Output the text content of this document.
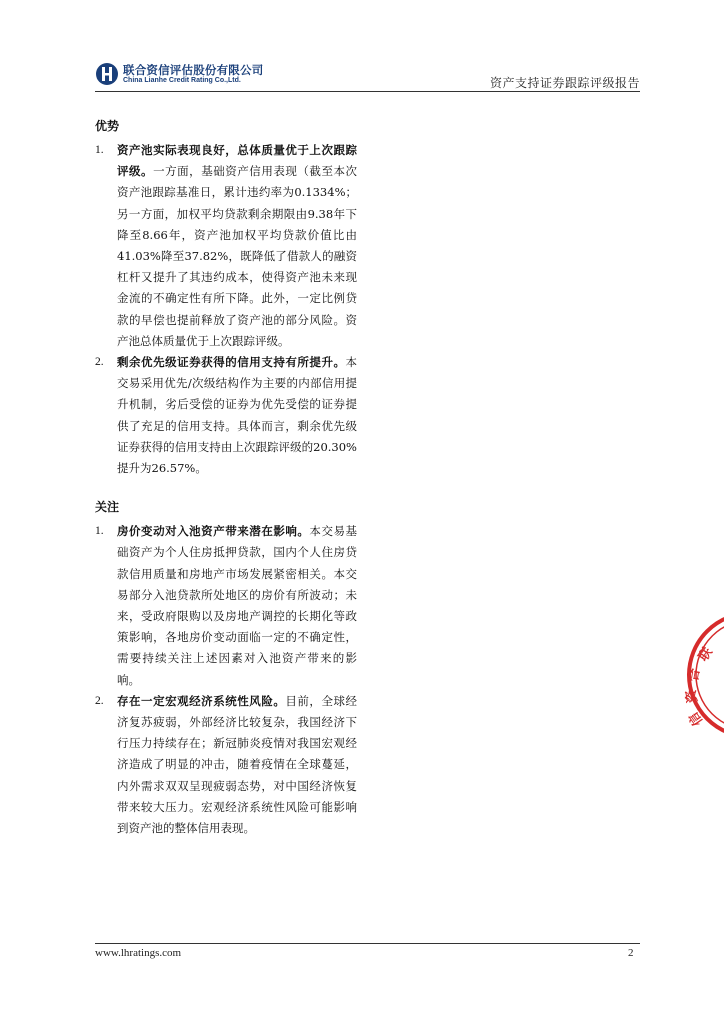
联合资信评估股份有限公司
China Lianhe Credit Rating Co.,Ltd.	资产支持证券跟踪评级报告
优势
1.	资产池实际表现良好，总体质量优于上次跟踪评级。一方面，基础资产信用表现（截至本次资产池跟踪基准日，累计违约率为0.1334%；另一方面，加权平均贷款剩余期限由9.38年下降至8.66年，资产池加权平均贷款价值比由41.03%降至37.82%，既降低了借款人的融资杠杆又提升了其违约成本，使得资产池未来现金流的不确定性有所下降。此外，一定比例贷款的早偿也提前释放了资产池的部分风险。资产池总体质量优于上次跟踪评级。
2.	剩余优先级证券获得的信用支持有所提升。本交易采用优先/次级结构作为主要的内部信用提升机制，劣后受偿的证券为优先受偿的证券提供了充足的信用支持。具体而言，剩余优先级证券获得的信用支持由上次跟踪评级的20.30%提升为26.57%。
关注
1.	房价变动对入池资产带来潜在影响。本交易基础资产为个人住房抵押贷款，国内个人住房贷款信用质量和房地产市场发展紧密相关。本交易部分入池贷款所处地区的房价有所波动；未来，受政府限购以及房地产调控的长期化等政策影响，各地房价变动面临一定的不确定性，需要持续关注上述因素对入池资产带来的影响。
2.	存在一定宏观经济系统性风险。目前，全球经济复苏疲弱，外部经济比较复杂，我国经济下行压力持续存在；新冠肺炎疫情对我国宏观经济造成了明显的冲击，随着疫情在全球蔓延，内外需求双双呈现疲弱态势，对中国经济恢复带来较大压力。宏观经济系统性风险可能影响到资产池的整体信用表现。
联
合
资
信
www.lhratings.com	2
